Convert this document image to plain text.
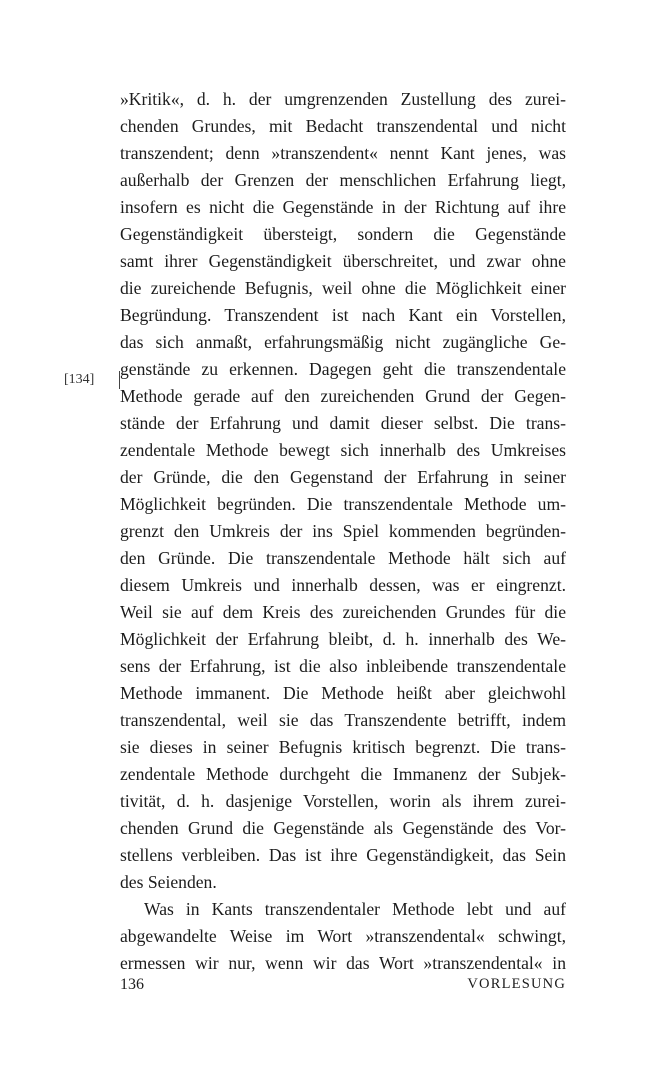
[134]
»Kritik«, d. h. der umgrenzenden Zustellung des zurei-
chenden Grundes, mit Bedacht transzendental und nicht
transzendent; denn »transzendent« nennt Kant jenes, was
außerhalb der Grenzen der menschlichen Erfahrung liegt,
insofern es nicht die Gegenstände in der Richtung auf ihre
Gegenständigkeit übersteigt, sondern die Gegenstände
samt ihrer Gegenständigkeit überschreitet, und zwar ohne
die zureichende Befugnis, weil ohne die Möglichkeit einer
Begründung. Transzendent ist nach Kant ein Vorstellen,
das sich anmaßt, erfahrungsmäßig nicht zugängliche Ge-
genstände zu erkennen. Dagegen geht die transzendentale
Methode gerade auf den zureichenden Grund der Gegen-
stände der Erfahrung und damit dieser selbst. Die trans-
zendentale Methode bewegt sich innerhalb des Umkreises
der Gründe, die den Gegenstand der Erfahrung in seiner
Möglichkeit begründen. Die transzendentale Methode um-
grenzt den Umkreis der ins Spiel kommenden begründen-
den Gründe. Die transzendentale Methode hält sich auf
diesem Umkreis und innerhalb dessen, was er eingrenzt.
Weil sie auf dem Kreis des zureichenden Grundes für die
Möglichkeit der Erfahrung bleibt, d. h. innerhalb des We-
sens der Erfahrung, ist die also inbleibende transzendentale
Methode immanent. Die Methode heißt aber gleichwohl
transzendental, weil sie das Transzendente betrifft, indem
sie dieses in seiner Befugnis kritisch begrenzt. Die trans-
zendentale Methode durchgeht die Immanenz der Subjek-
tivität, d. h. dasjenige Vorstellen, worin als ihrem zurei-
chenden Grund die Gegenstände als Gegenstände des Vor-
stellens verbleiben. Das ist ihre Gegenständigkeit, das Sein
des Seienden.
Was in Kants transzendentaler Methode lebt und auf
abgewandelte Weise im Wort »transzendental« schwingt,
ermessen wir nur, wenn wir das Wort »transzendental« in
136	VORLESUNG
